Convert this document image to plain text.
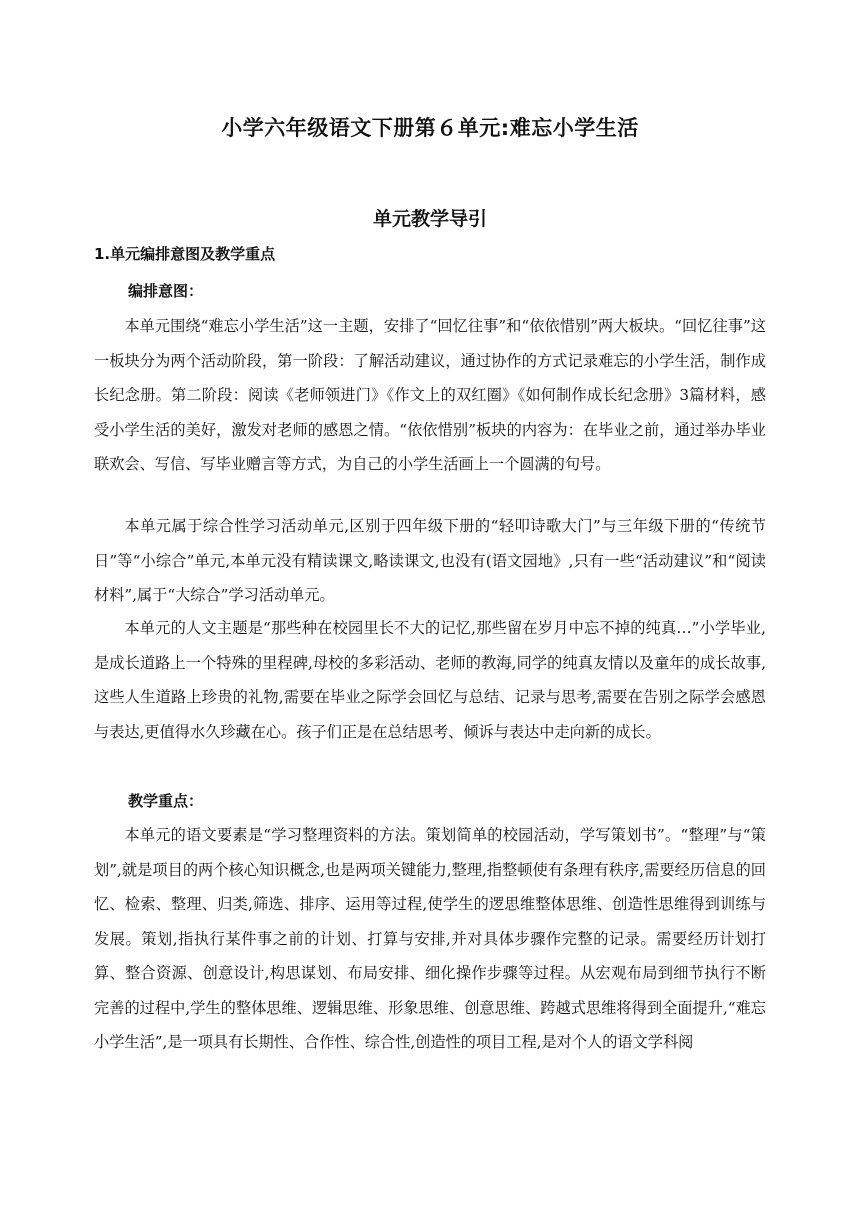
小学六年级语文下册第６单元:难忘小学生活
单元教学导引
1.单元编排意图及教学重点
编排意图：

本单元围绕“难忘小学生活”这一主题，安排了“回忆往事”和“依依惜别”两大板块。“回忆往事”这一板块分为两个活动阶段，第一阶段：了解活动建议，通过协作的方式记录难忘的小学生活，制作成长纪念册。第二阶段：阅读《老师领进门》《作文上的双红圈》《如何制作成长纪念册》3篇材料，感受小学生活的美好，激发对老师的感恩之情。“依依惜别”板块的内容为：在毕业之前，通过举办毕业联欢会、写信、写毕业赠言等方式，为自己的小学生活画上一个圆满的句号。

本单元属于综合性学习活动单元,区别于四年级下册的“轻叩诗歌大门”与三年级下册的“传统节日”等“小综合”单元,本单元没有精读课文,略读课文,也没有(语文园地》,只有一些“活动建议”和“阅读材料”,属于“大综合”学习活动单元。

本单元的人文主题是“那些种在校园里长不大的记忆,那些留在岁月中忘不掉的纯真…”小学毕业,是成长道路上一个特殊的里程碑,母校的多彩活动、老师的教海,同学的纯真友情以及童年的成长故事,这些人生道路上珍贵的礼物,需要在毕业之际学会回忆与总结、记录与思考,需要在告别之际学会感恩与表达,更值得水久珍藏在心。孩子们正是在总结思考、倾诉与表达中走向新的成长。

教学重点：

本单元的语文要素是“学习整理资料的方法。策划简单的校园活动，学写策划书”。“整理”与“策划”,就是项目的两个核心知识概念,也是两项关键能力,整理,指整顿使有条理有秩序,需要经历信息的回忆、检索、整理、归类,筛选、排序、运用等过程,使学生的逻思维整体思维、创造性思维得到训练与发展。策划,指执行某件事之前的计划、打算与安排,并对具体步骤作完整的记录。需要经历计划打算、整合资源、创意设计,构思谋划、布局安排、细化操作步骤等过程。从宏观布局到细节执行不断完善的过程中,学生的整体思维、逻辑思维、形象思维、创意思维、跨越式思维将得到全面提升,“难忘小学生活”,是一项具有长期性、合作性、综合性,创造性的项目工程,是对个人的语文学科阅
